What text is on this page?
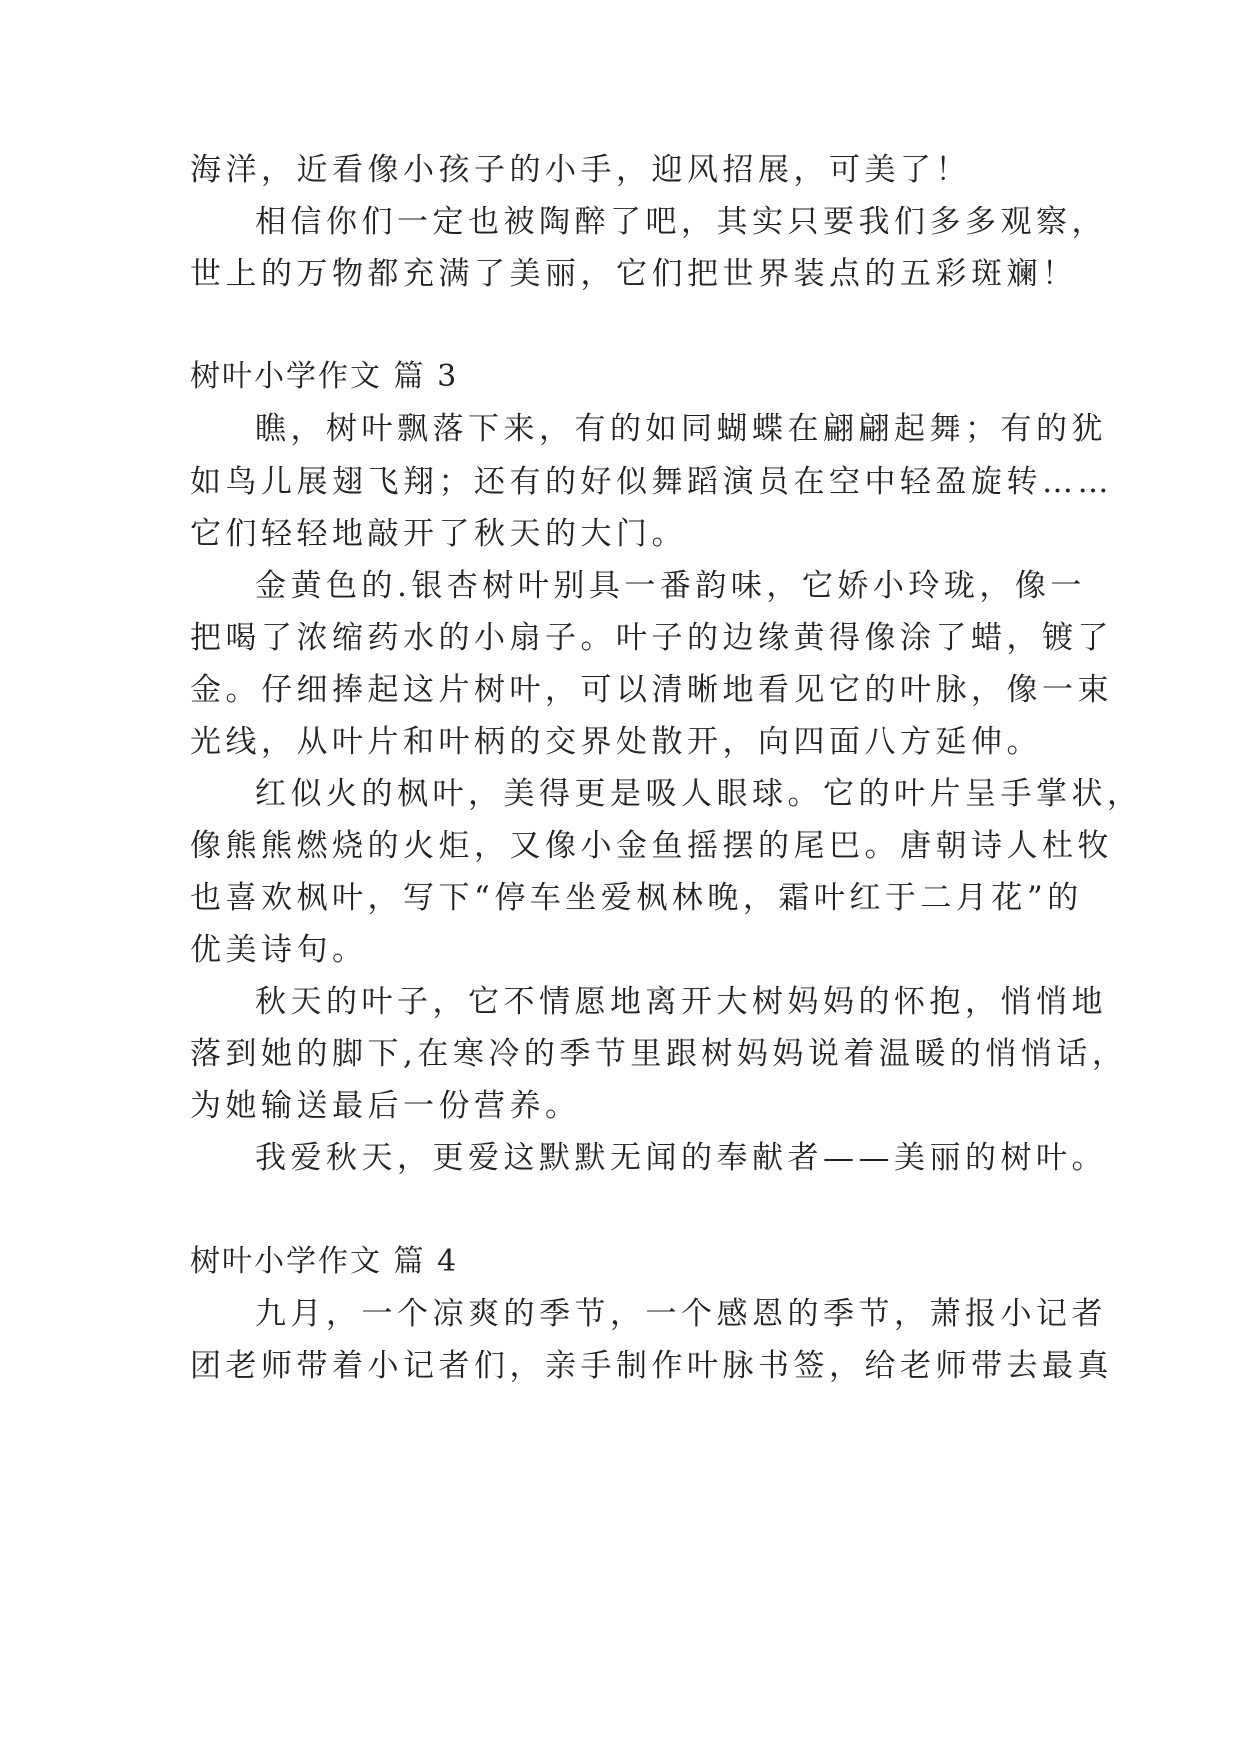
海洋，近看像小孩子的小手，迎风招展，可美了！
相信你们一定也被陶醉了吧，其实只要我们多多观察，
世上的万物都充满了美丽，它们把世界装点的五彩斑斓！
树叶小学作文 篇 3
瞧，树叶飘落下来，有的如同蝴蝶在翩翩起舞；有的犹
如鸟儿展翅飞翔；还有的好似舞蹈演员在空中轻盈旋转……
它们轻轻地敲开了秋天的大门。
金黄色的.银杏树叶别具一番韵味，它娇小玲珑，像一
把喝了浓缩药水的小扇子。叶子的边缘黄得像涂了蜡，镀了
金。仔细捧起这片树叶，可以清晰地看见它的叶脉，像一束
光线，从叶片和叶柄的交界处散开，向四面八方延伸。
红似火的枫叶，美得更是吸人眼球。它的叶片呈手掌状，
像熊熊燃烧的火炬，又像小金鱼摇摆的尾巴。唐朝诗人杜牧
也喜欢枫叶，写下“停车坐爱枫林晚，霜叶红于二月花”的
优美诗句。
秋天的叶子，它不情愿地离开大树妈妈的怀抱，悄悄地
落到她的脚下,在寒冷的季节里跟树妈妈说着温暖的悄悄话，
为她输送最后一份营养。
我爱秋天，更爱这默默无闻的奉献者——美丽的树叶。
树叶小学作文 篇 4
九月，一个凉爽的季节，一个感恩的季节，萧报小记者
团老师带着小记者们，亲手制作叶脉书签，给老师带去最真
